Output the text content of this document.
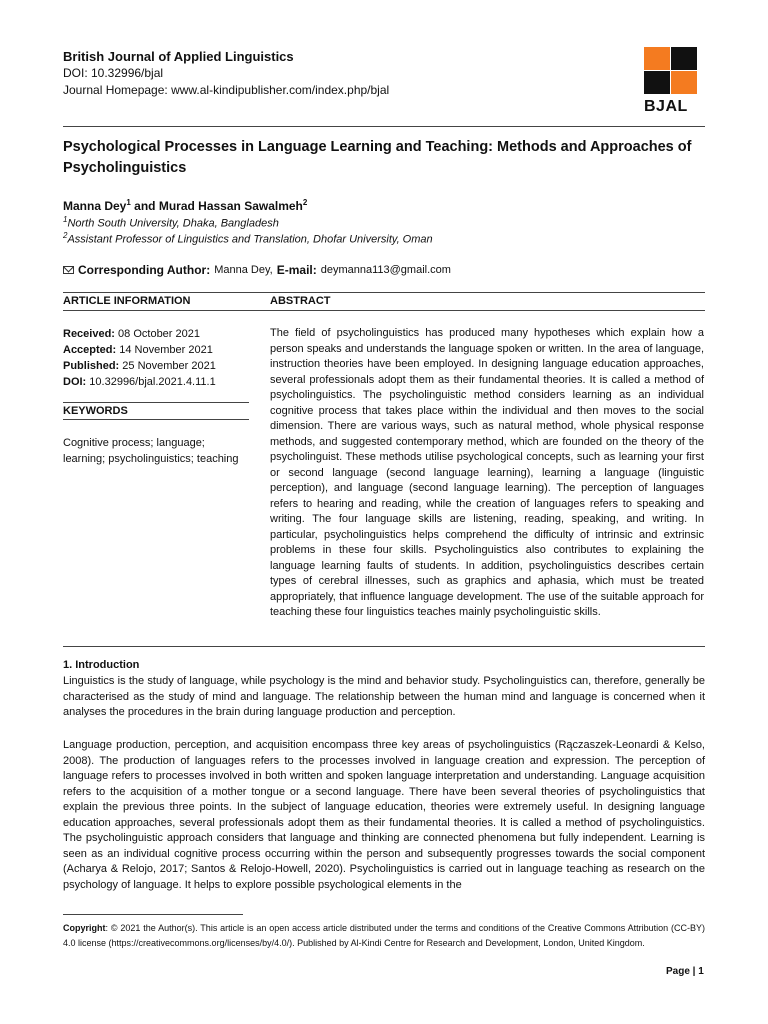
British Journal of Applied Linguistics
DOI: 10.32996/bjal
Journal Homepage: www.al-kindipublisher.com/index.php/bjal
BJAL
Psychological Processes in Language Learning and Teaching: Methods and Approaches of Psycholinguistics
Manna Dey$^1$ and Murad Hassan Sawalmeh$^2$
$^1$North South University, Dhaka, Bangladesh
$^2$Assistant Professor of Linguistics and Translation, Dhofar University, Oman
Corresponding Author: Manna Dey, E-mail: deymanna113@gmail.com
ARTICLE INFORMATION	ABSTRACT
Received: 08 October 2021
Accepted: 14 November 2021
Published: 25 November 2021
DOI: 10.32996/bjal.2021.4.11.1
KEYWORDS
Cognitive process; language; learning; psycholinguistics; teaching
The field of psycholinguistics has produced many hypotheses which explain how a person speaks and understands the language spoken or written. In the area of language, instruction theories have been employed. In designing language education approaches, several professionals adopt them as their fundamental theories. It is called a method of psycholinguistics. The psycholinguistic method considers learning as an individual cognitive process that takes place within the individual and then moves to the social dimension. There are various ways, such as natural method, whole physical response methods, and suggested contemporary method, which are founded on the theory of the psycholinguist. These methods utilise psychological concepts, such as learning your first or second language (second language learning), learning a language (linguistic perception), and language (second language learning). The perception of languages refers to hearing and reading, while the creation of languages refers to speaking and writing. The four language skills are listening, reading, speaking, and writing. In particular, psycholinguistics helps comprehend the difficulty of intrinsic and extrinsic problems in these four skills. Psycholinguistics also contributes to explaining the language learning faults of students. In addition, psycholinguistics describes certain types of cerebral illnesses, such as graphics and aphasia, which must be treated appropriately, that influence language development. The use of the suitable approach for teaching these four linguistics teaches mainly psycholinguistic skills.
1. Introduction
Linguistics is the study of language, while psychology is the mind and behavior study. Psycholinguistics can, therefore, generally be characterised as the study of mind and language. The relationship between the human mind and language is concerned when it analyses the procedures in the brain during language production and perception.
Language production, perception, and acquisition encompass three key areas of psycholinguistics (Rączaszek-Leonardi & Kelso, 2008). The production of languages refers to the processes involved in language creation and expression. The perception of language refers to processes involved in both written and spoken language interpretation and understanding. Language acquisition refers to the acquisition of a mother tongue or a second language. There have been several theories of psycholinguistics that explain the previous three points. In the subject of language education, theories were extremely useful. In designing language education approaches, several professionals adopt them as their fundamental theories. It is called a method of psycholinguistics. The psycholinguistic approach considers that language and thinking are connected phenomena but fully independent. Learning is seen as an individual cognitive process occurring within the person and subsequently progresses towards the social component (Acharya & Relojo, 2017; Santos & Relojo-Howell, 2020). Psycholinguistics is carried out in language teaching as research on the psychology of language. It helps to explore possible psychological elements in the
Copyright: © 2021 the Author(s). This article is an open access article distributed under the terms and conditions of the Creative Commons Attribution (CC-BY) 4.0 license (https://creativecommons.org/licenses/by/4.0/). Published by Al-Kindi Centre for Research and Development, London, United Kingdom.
Page | 1
